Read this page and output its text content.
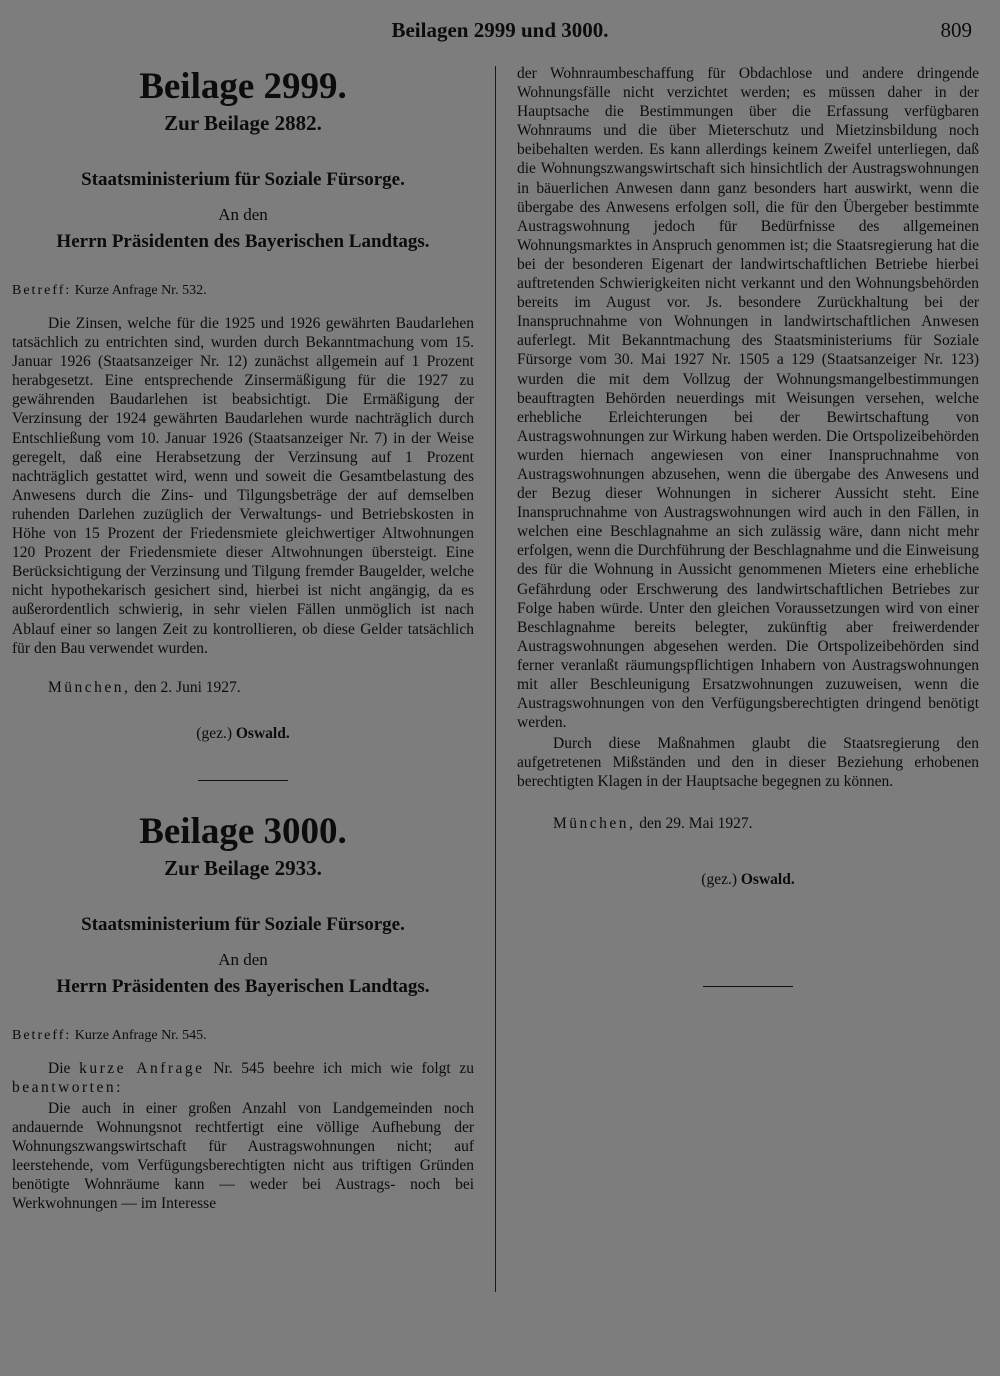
Beilagen 2999 und 3000.	809
Beilage 2999.

Zur Beilage 2882.

Staatsministerium für Soziale Fürsorge.

An den

Herrn Präsidenten des Bayerischen Landtags.

Betreff: Kurze Anfrage Nr. 532.

Die Zinsen, welche für die 1925 und 1926 gewährten Baudarlehen tatsächlich zu entrichten sind, wurden durch Bekanntmachung vom 15. Januar 1926 (Staatsanzeiger Nr. 12) zunächst allgemein auf 1 Prozent herabgesetzt. Eine entsprechende Zinsermäßigung für die 1927 zu gewährenden Baudarlehen ist beabsichtigt. Die Ermäßigung der Verzinsung der 1924 gewährten Baudarlehen wurde nachträglich durch Entschließung vom 10. Januar 1926 (Staatsanzeiger Nr. 7) in der Weise geregelt, daß eine Herabsetzung der Verzinsung auf 1 Prozent nachträglich gestattet wird, wenn und soweit die Gesamtbelastung des Anwesens durch die Zins- und Tilgungsbeträge der auf demselben ruhenden Darlehen zuzüglich der Verwaltungs- und Betriebskosten in Höhe von 15 Prozent der Friedensmiete gleichwertiger Altwohnungen 120 Prozent der Friedensmiete dieser Altwohnungen übersteigt. Eine Berücksichtigung der Verzinsung und Tilgung fremder Baugelder, welche nicht hypothekarisch gesichert sind, hierbei ist nicht angängig, da es außerordentlich schwierig, in sehr vielen Fällen unmöglich ist nach Ablauf einer so langen Zeit zu kontrollieren, ob diese Gelder tatsächlich für den Bau verwendet wurden.

München, den 2. Juni 1927.

(gez.) Oswald.

Beilage 3000.

Zur Beilage 2933.

Staatsministerium für Soziale Fürsorge.

An den

Herrn Präsidenten des Bayerischen Landtags.

Betreff: Kurze Anfrage Nr. 545.

Die kurze Anfrage Nr. 545 beehre ich mich wie folgt zu beantworten:

Die auch in einer großen Anzahl von Landgemeinden noch andauernde Wohnungsnot rechtfertigt eine völlige Aufhebung der Wohnungszwangswirtschaft für Austragswohnungen nicht; auf leerstehende, vom Verfügungsberechtigten nicht aus triftigen Gründen benötigte Wohnräume kann — weder bei Austrags- noch bei Werkwohnungen — im Interesse

der Wohnraumbeschaffung für Obdachlose und andere dringende Wohnungsfälle nicht verzichtet werden; es müssen daher in der Hauptsache die Bestimmungen über die Erfassung verfügbaren Wohnraums und die über Mieterschutz und Mietzinsbildung noch beibehalten werden. Es kann allerdings keinem Zweifel unterliegen, daß die Wohnungszwangswirtschaft sich hinsichtlich der Austragswohnungen in bäuerlichen Anwesen dann ganz besonders hart auswirkt, wenn die übergabe des Anwesens erfolgen soll, die für den Übergeber bestimmte Austragswohnung jedoch für Bedürfnisse des allgemeinen Wohnungsmarktes in Anspruch genommen ist; die Staatsregierung hat die bei der besonderen Eigenart der landwirtschaftlichen Betriebe hierbei auftretenden Schwierigkeiten nicht verkannt und den Wohnungsbehörden bereits im August vor. Js. besondere Zurückhaltung bei der Inanspruchnahme von Wohnungen in landwirtschaftlichen Anwesen auferlegt. Mit Bekanntmachung des Staatsministeriums für Soziale Fürsorge vom 30. Mai 1927 Nr. 1505 a 129 (Staatsanzeiger Nr. 123) wurden die mit dem Vollzug der Wohnungsmangelbestimmungen beauftragten Behörden neuerdings mit Weisungen versehen, welche erhebliche Erleichterungen bei der Bewirtschaftung von Austragswohnungen zur Wirkung haben werden. Die Ortspolizeibehörden wurden hiernach angewiesen von einer Inanspruchnahme von Austragswohnungen abzusehen, wenn die übergabe des Anwesens und der Bezug dieser Wohnungen in sicherer Aussicht steht. Eine Inanspruchnahme von Austragswohnungen wird auch in den Fällen, in welchen eine Beschlagnahme an sich zulässig wäre, dann nicht mehr erfolgen, wenn die Durchführung der Beschlagnahme und die Einweisung des für die Wohnung in Aussicht genommenen Mieters eine erhebliche Gefährdung oder Erschwerung des landwirtschaftlichen Betriebes zur Folge haben würde. Unter den gleichen Voraussetzungen wird von einer Beschlagnahme bereits belegter, zukünftig aber freiwerdender Austragswohnungen abgesehen werden. Die Ortspolizeibehörden sind ferner veranlaßt räumungspflichtigen Inhabern von Austragswohnungen mit aller Beschleunigung Ersatzwohnungen zuzuweisen, wenn die Austragswohnungen von den Verfügungsberechtigten dringend benötigt werden.

Durch diese Maßnahmen glaubt die Staatsregierung den aufgetretenen Mißständen und den in dieser Beziehung erhobenen berechtigten Klagen in der Hauptsache begegnen zu können.

München, den 29. Mai 1927.

(gez.) Oswald.
